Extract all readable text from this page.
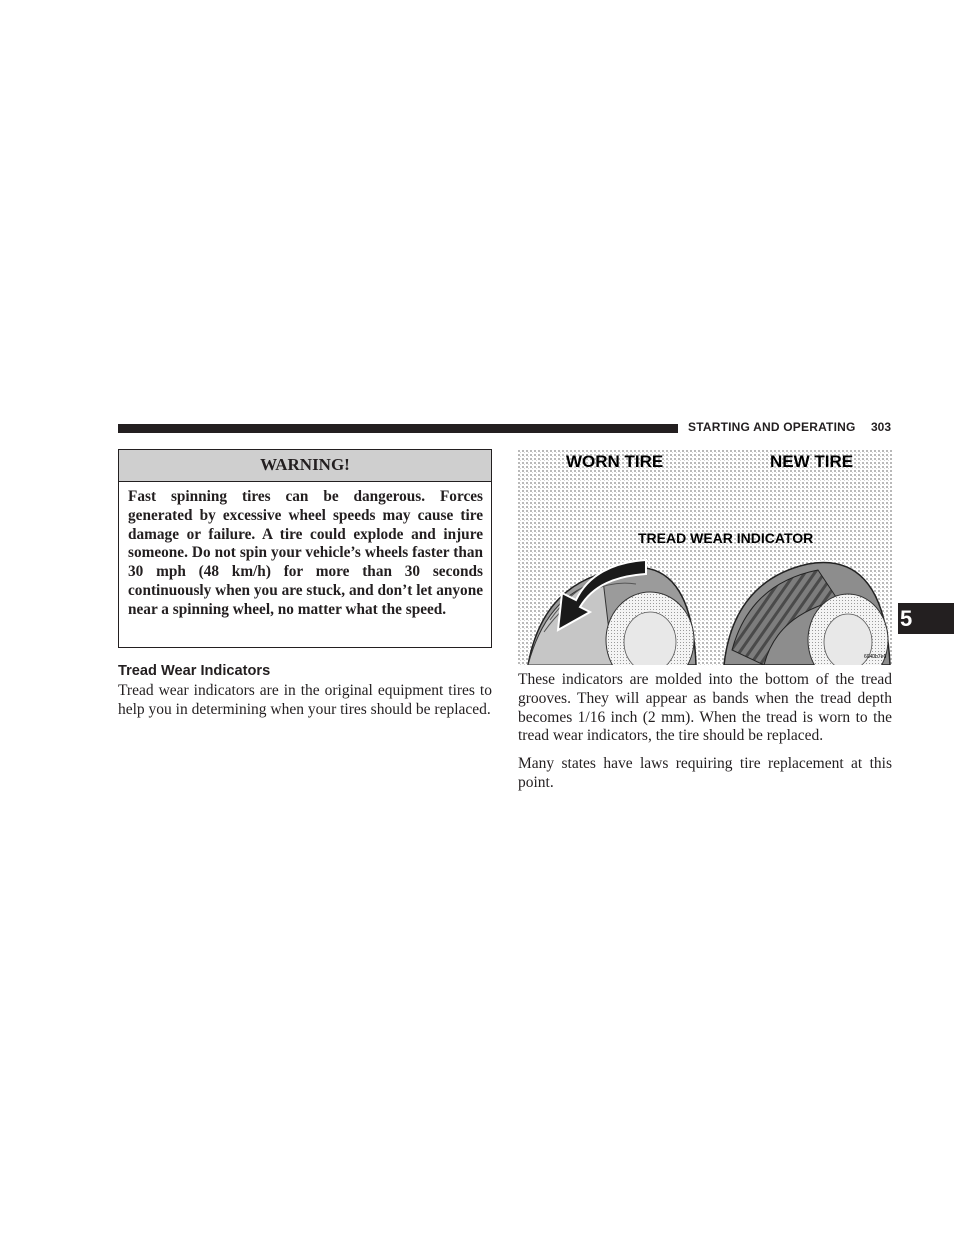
STARTING AND OPERATING 303
5
WARNING!
Fast spinning tires can be dangerous. Forces generated by excessive wheel speeds may cause tire damage or failure. A tire could explode and injure someone. Do not spin your vehicle’s wheels faster than 30 mph (48 km/h) for more than 30 seconds continuously when you are stuck, and don’t let anyone near a spinning wheel, no matter what the speed.
Tread Wear Indicators

Tread wear indicators are in the original equipment tires to help you in determining when your tires should be replaced.

WORN TIRE	NEW TIRE
TREAD WEAR INDICATOR
6040b7e6

These indicators are molded into the bottom of the tread grooves. They will appear as bands when the tread depth becomes 1/16 inch (2 mm). When the tread is worn to the tread wear indicators, the tire should be replaced.

Many states have laws requiring tire replacement at this point.
